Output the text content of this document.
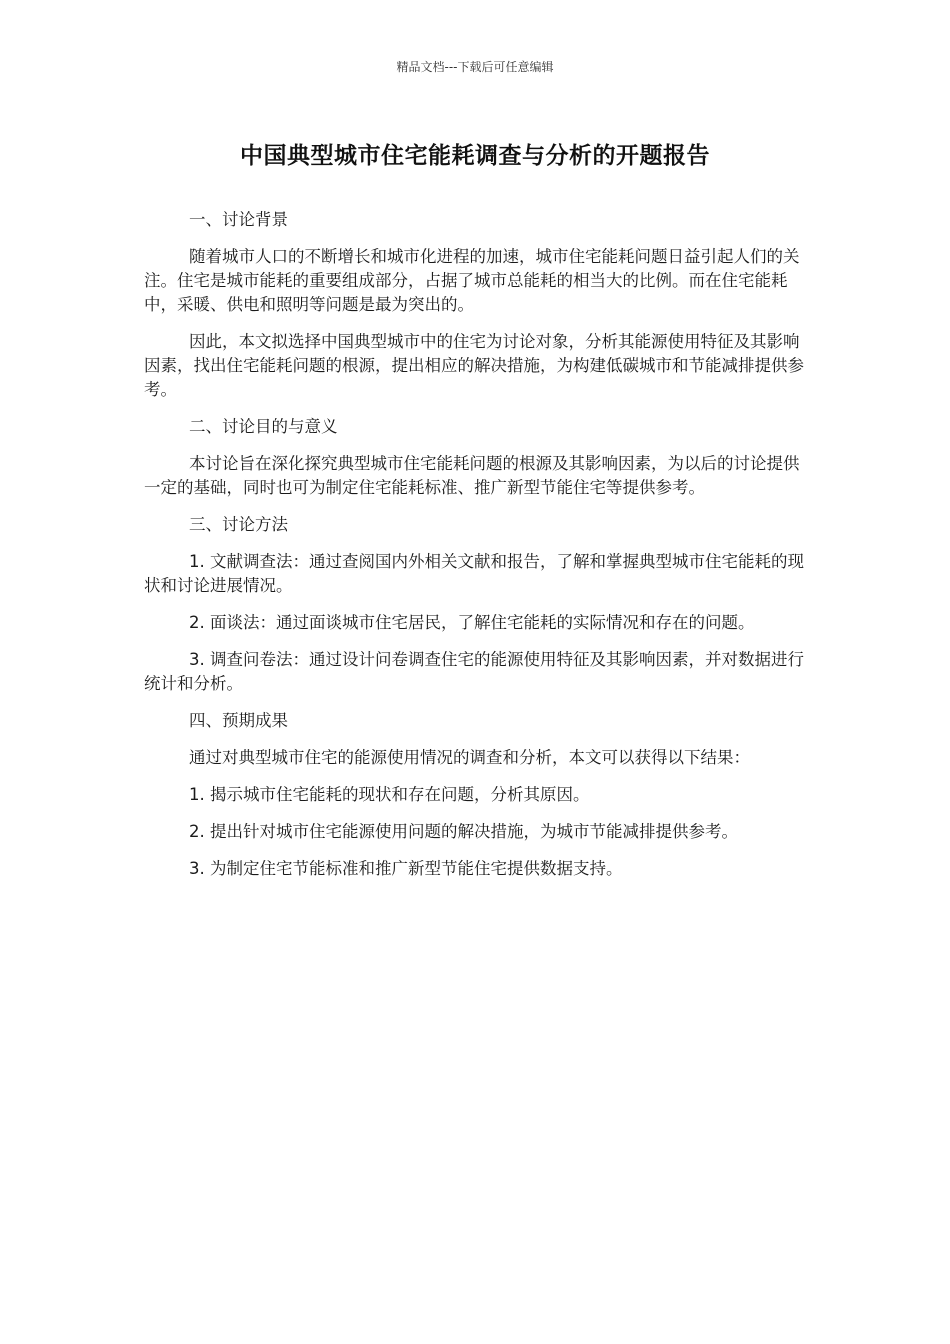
精品文档---下载后可任意编辑
中国典型城市住宅能耗调查与分析的开题报告

一、讨论背景

随着城市人口的不断增长和城市化进程的加速，城市住宅能耗问题日益引起人们的关注。住宅是城市能耗的重要组成部分，占据了城市总能耗的相当大的比例。而在住宅能耗中，采暖、供电和照明等问题是最为突出的。

因此，本文拟选择中国典型城市中的住宅为讨论对象，分析其能源使用特征及其影响因素，找出住宅能耗问题的根源，提出相应的解决措施，为构建低碳城市和节能减排提供参考。

二、讨论目的与意义

本讨论旨在深化探究典型城市住宅能耗问题的根源及其影响因素，为以后的讨论提供一定的基础，同时也可为制定住宅能耗标准、推广新型节能住宅等提供参考。

三、讨论方法

1. 文献调查法：通过查阅国内外相关文献和报告，了解和掌握典型城市住宅能耗的现状和讨论进展情况。

2. 面谈法：通过面谈城市住宅居民，了解住宅能耗的实际情况和存在的问题。

3. 调查问卷法：通过设计问卷调查住宅的能源使用特征及其影响因素，并对数据进行统计和分析。

四、预期成果

通过对典型城市住宅的能源使用情况的调查和分析，本文可以获得以下结果：

1. 揭示城市住宅能耗的现状和存在问题，分析其原因。

2. 提出针对城市住宅能源使用问题的解决措施，为城市节能减排提供参考。

3. 为制定住宅节能标准和推广新型节能住宅提供数据支持。
